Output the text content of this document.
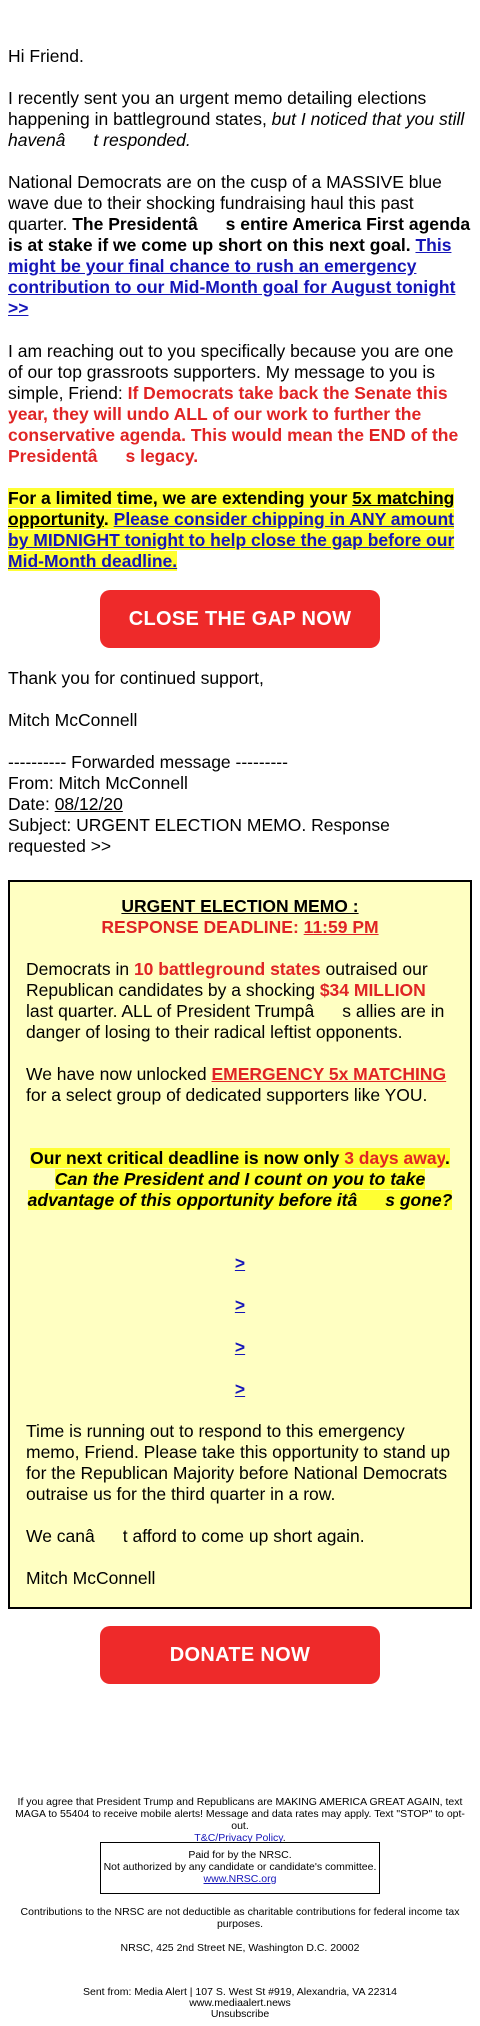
Hi Friend.

I recently sent you an urgent memo detailing elections happening in battleground states, but I noticed that you still havenât responded.

National Democrats are on the cusp of a MASSIVE blue wave due to their shocking fundraising haul this past quarter. The Presidentâs entire America First agenda is at stake if we come up short on this next goal. This might be your final chance to rush an emergency contribution to our Mid-Month goal for August tonight >>

I am reaching out to you specifically because you are one of our top grassroots supporters. My message to you is simple, Friend: If Democrats take back the Senate this year, they will undo ALL of our work to further the conservative agenda. This would mean the END of the Presidentâs legacy.

For a limited time, we are extending your 5x matching opportunity. Please consider chipping in ANY amount by MIDNIGHT tonight to help close the gap before our Mid-Month deadline.

CLOSE THE GAP NOW

Thank you for continued support,

Mitch McConnell

---------- Forwarded message ---------

From: Mitch McConnell

Date: 08/12/20

Subject: URGENT ELECTION MEMO. Response requested >>

URGENT ELECTION MEMO :

RESPONSE DEADLINE: 11:59 PM

Democrats in 10 battleground states outraised our Republican candidates by a shocking $34 MILLION last quarter. ALL of President Trumpâs allies are in danger of losing to their radical leftist opponents.

We have now unlocked EMERGENCY 5x MATCHING for a select group of dedicated supporters like YOU.

Our next critical deadline is now only 3 days away. Can the President and I count on you to take advantage of this opportunity before itâs gone?

>
>
>
>

Time is running out to respond to this emergency memo, Friend. Please take this opportunity to stand up for the Republican Majority before National Democrats outraise us for the third quarter in a row.

We canât afford to come up short again.

Mitch McConnell

DONATE NOW

If you agree that President Trump and Republicans are MAKING AMERICA GREAT AGAIN, text MAGA to 55404 to receive mobile alerts! Message and data rates may apply. Text "STOP" to opt-out.
T&C/Privacy Policy.

Paid for by the NRSC.
Not authorized by any candidate or candidate's committee.
www.NRSC.org

Contributions to the NRSC are not deductible as charitable contributions for federal income tax purposes.

NRSC, 425 2nd Street NE, Washington D.C. 20002

Sent from: Media Alert | 107 S. West St #919, Alexandria, VA 22314

www.mediaalert.news

Unsubscribe
